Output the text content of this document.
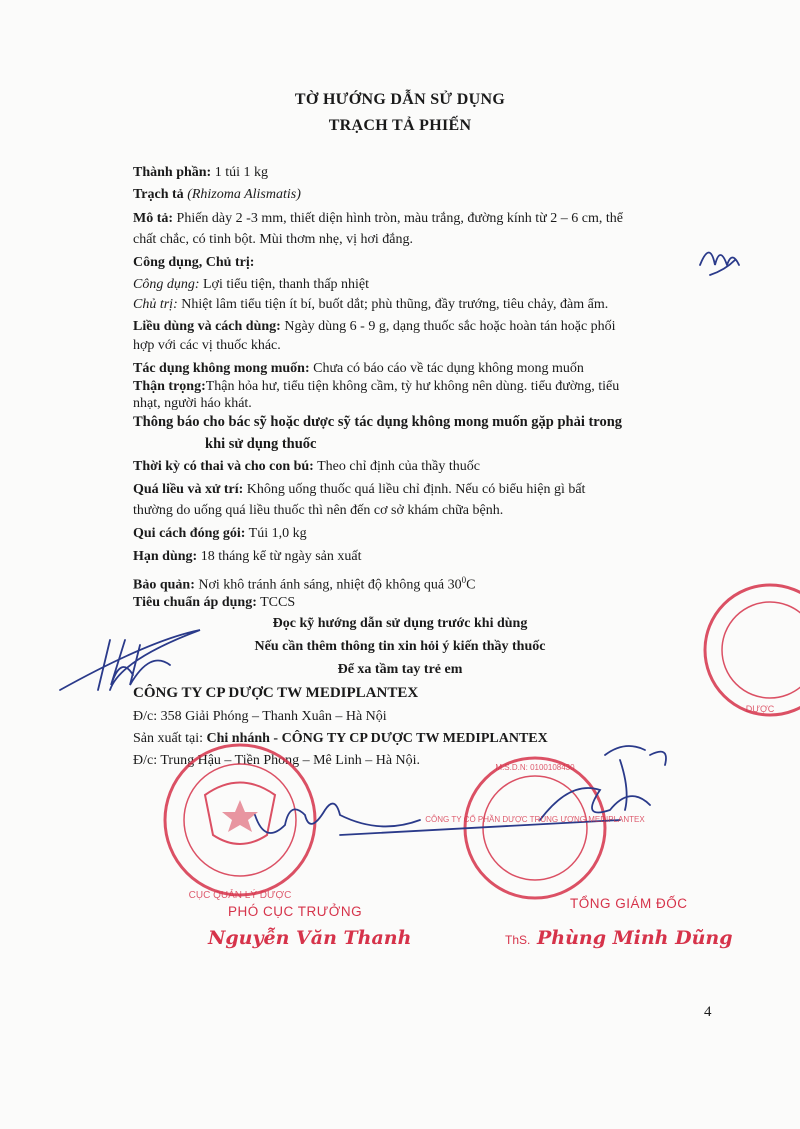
TỜ HƯỚNG DẪN SỬ DỤNG
TRẠCH TẢ PHIẾN
Thành phần: 1 túi 1 kg
Trạch tả (Rhizoma Alismatis)
Mô tả: Phiến dày 2 -3 mm, thiết diện hình tròn, màu trắng, đường kính từ 2 – 6 cm, thể
chất chắc, có tinh bột. Mùi thơm nhẹ, vị hơi đắng.
Công dụng, Chủ trị:
Công dụng: Lợi tiểu tiện, thanh thấp nhiệt
Chủ trị: Nhiệt lâm tiểu tiện ít bí, buốt dắt; phù thũng, đầy trướng, tiêu chảy, đàm ẩm.
Liều dùng và cách dùng: Ngày dùng 6 - 9 g, dạng thuốc sắc hoặc hoàn tán hoặc phối
hợp với các vị thuốc khác.
Tác dụng không mong muốn: Chưa có báo cáo về tác dụng không mong muốn
Thận trọng:Thận hỏa hư, tiểu tiện không cầm, tỳ hư không nên dùng. tiểu đường, tiểu
nhạt, người háo khát.
Thông báo cho bác sỹ hoặc dược sỹ tác dụng không mong muốn gặp phải trong
khi sử dụng thuốc
Thời kỳ có thai và cho con bú: Theo chỉ định của thầy thuốc
Quá liều và xử trí: Không uống thuốc quá liều chỉ định. Nếu có biểu hiện gì bất
thường do uống quá liều thuốc thì nên đến cơ sở khám chữa bệnh.
Qui cách đóng gói: Túi 1,0 kg
Hạn dùng: 18 tháng kể từ ngày sản xuất
Bảo quản: Nơi khô tránh ánh sáng, nhiệt độ không quá $30^0C$
Tiêu chuẩn áp dụng: TCCS
Đọc kỹ hướng dẫn sử dụng trước khi dùng
Nếu cần thêm thông tin xin hỏi ý kiến thầy thuốc
Để xa tầm tay trẻ em
CÔNG TY CP DƯỢC TW MEDIPLANTEX
Đ/c: 358 Giải Phóng – Thanh Xuân – Hà Nội
Sản xuất tại: Chi nhánh - CÔNG TY CP DƯỢC TW MEDIPLANTEX
Đ/c: Trung Hậu – Tiền Phong – Mê Linh – Hà Nội.
CỤC QUẢN LÝ DƯỢC
CÔNG TY CỔ PHẦN DƯỢC TRUNG ƯƠNG MEDIPLANTEX
M.S.D.N: 0100108430
DƯỢC
PHÓ CỤC TRƯỞNG
Nguyễn Văn Thanh
TỔNG GIÁM ĐỐC
ThS. Phùng Minh Dũng
4
